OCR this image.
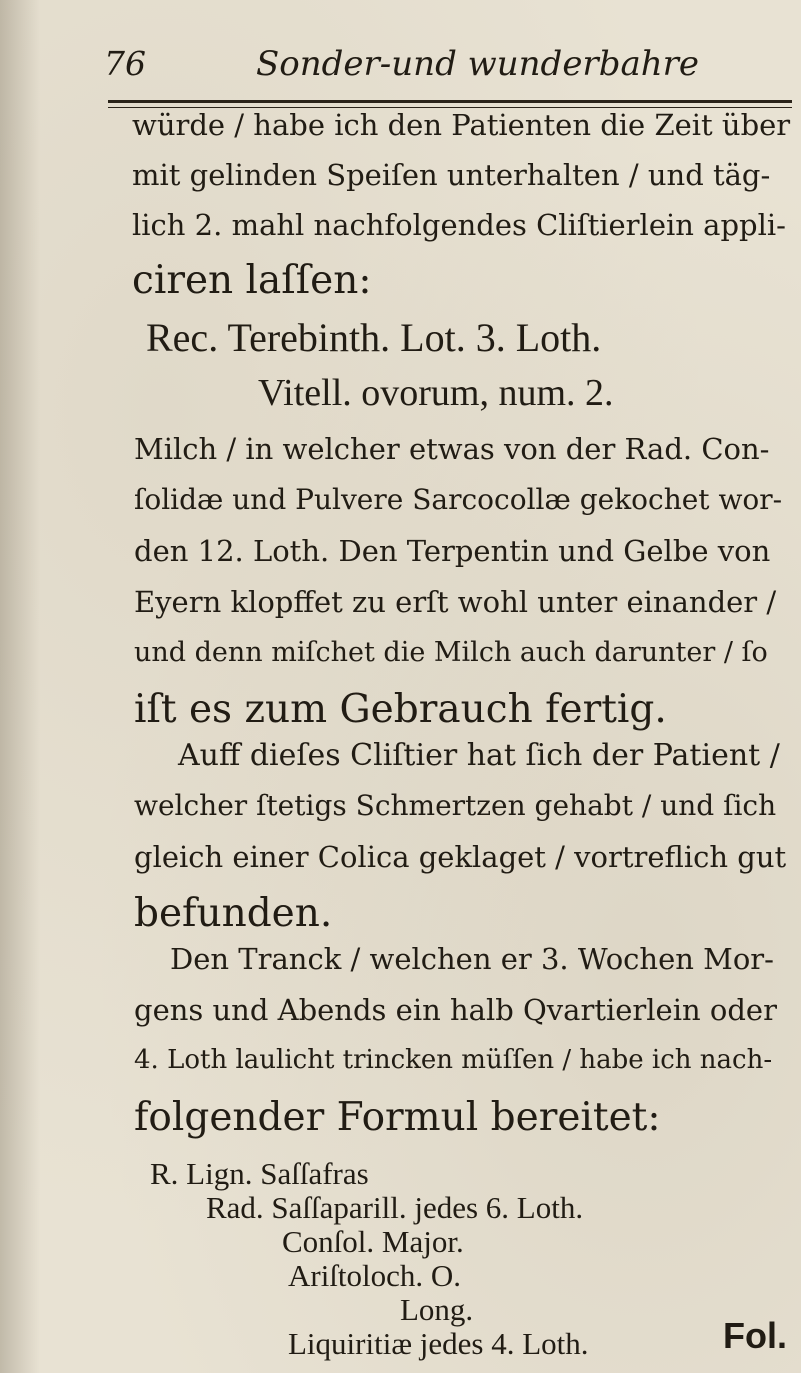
76	Sonder-und wunderbahre
würde / habe ich den Patienten die Zeit über
mit gelinden Speiſen unterhalten / und täg-
lich 2. mahl nachfolgendes Cliſtierlein appli-
ciren laſſen:
Rec. Terebinth. Lot. 3. Loth.
Vitell. ovorum, num. 2.
Milch / in welcher etwas von der Rad. Con-
ſolidæ und Pulvere Sarcocollæ gekochet wor-
den 12. Loth. Den Terpentin und Gelbe von
Eyern klopffet zu erſt wohl unter einander /
und denn miſchet die Milch auch darunter / ſo
iſt es zum Gebrauch fertig.
Auff dieſes Cliſtier hat ſich der Patient /
welcher ſtetigs Schmertzen gehabt / und ſich
gleich einer Colica geklaget / vortreflich gut
befunden.
Den Tranck / welchen er 3. Wochen Mor-
gens und Abends ein halb Qvartierlein oder
4. Loth laulicht trincken müſſen / habe ich nach-
folgender Formul bereitet:
R. Lign. Saſſafras
Rad. Saſſaparill. jedes 6. Loth.
Conſol. Major.
Ariſtoloch. O.
Long.
Liquiritiæ jedes 4. Loth.	Fol.
